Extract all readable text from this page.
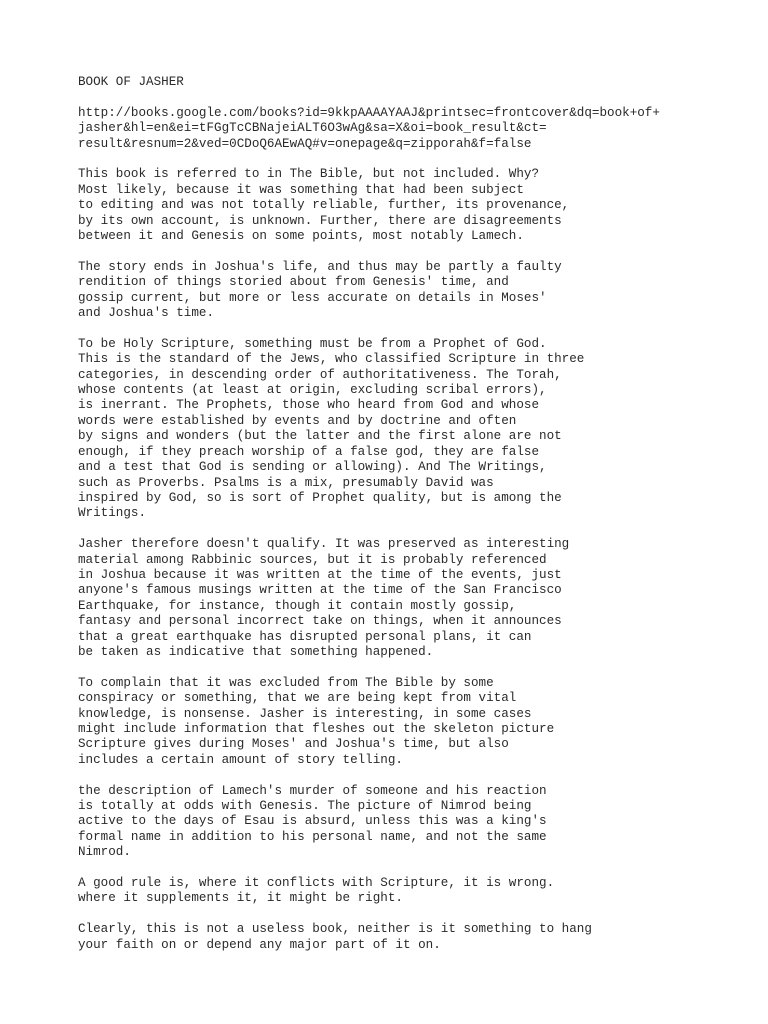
BOOK OF JASHER
http://books.google.com/books?id=9kkpAAAAYAAJ&printsec=frontcover&dq=book+of+
jasher&hl=en&ei=tFGgTcCBNajeiALT6O3wAg&sa=X&oi=book_result&ct=
result&resnum=2&ved=0CDoQ6AEwAQ#v=onepage&q=zipporah&f=false
This book is referred to in The Bible, but not included. Why?
Most likely, because it was something that had been subject
to editing and was not totally reliable, further, its provenance,
by its own account, is unknown. Further, there are disagreements
between it and Genesis on some points, most notably Lamech.
The story ends in Joshua's life, and thus may be partly a faulty
rendition of things storied about from Genesis' time, and
gossip current, but more or less accurate on details in Moses'
and Joshua's time.
To be Holy Scripture, something must be from a Prophet of God.
This is the standard of the Jews, who classified Scripture in three
categories, in descending order of authoritativeness. The Torah,
whose contents (at least at origin, excluding scribal errors),
is inerrant. The Prophets, those who heard from God and whose
words were established by events and by doctrine and often
by signs and wonders (but the latter and the first alone are not
enough, if they preach worship of a false god, they are false
and a test that God is sending or allowing). And The Writings,
such as Proverbs. Psalms is a mix, presumably David was
inspired by God, so is sort of Prophet quality, but is among the
Writings.
Jasher therefore doesn't qualify. It was preserved as interesting
material among Rabbinic sources, but it is probably referenced
in Joshua because it was written at the time of the events, just
anyone's famous musings written at the time of the San Francisco
Earthquake, for instance, though it contain mostly gossip,
fantasy and personal incorrect take on things, when it announces
that a great earthquake has disrupted personal plans, it can
be taken as indicative that something happened.
To complain that it was excluded from The Bible by some
conspiracy or something, that we are being kept from vital
knowledge, is nonsense. Jasher is interesting, in some cases
might include information that fleshes out the skeleton picture
Scripture gives during Moses' and Joshua's time, but also
includes a certain amount of story telling.
the description of Lamech's murder of someone and his reaction
is totally at odds with Genesis. The picture of Nimrod being
active to the days of Esau is absurd, unless this was a king's
formal name in addition to his personal name, and not the same
Nimrod.
A good rule is, where it conflicts with Scripture, it is wrong.
where it supplements it, it might be right.
Clearly, this is not a useless book, neither is it something to hang
your faith on or depend any major part of it on.
